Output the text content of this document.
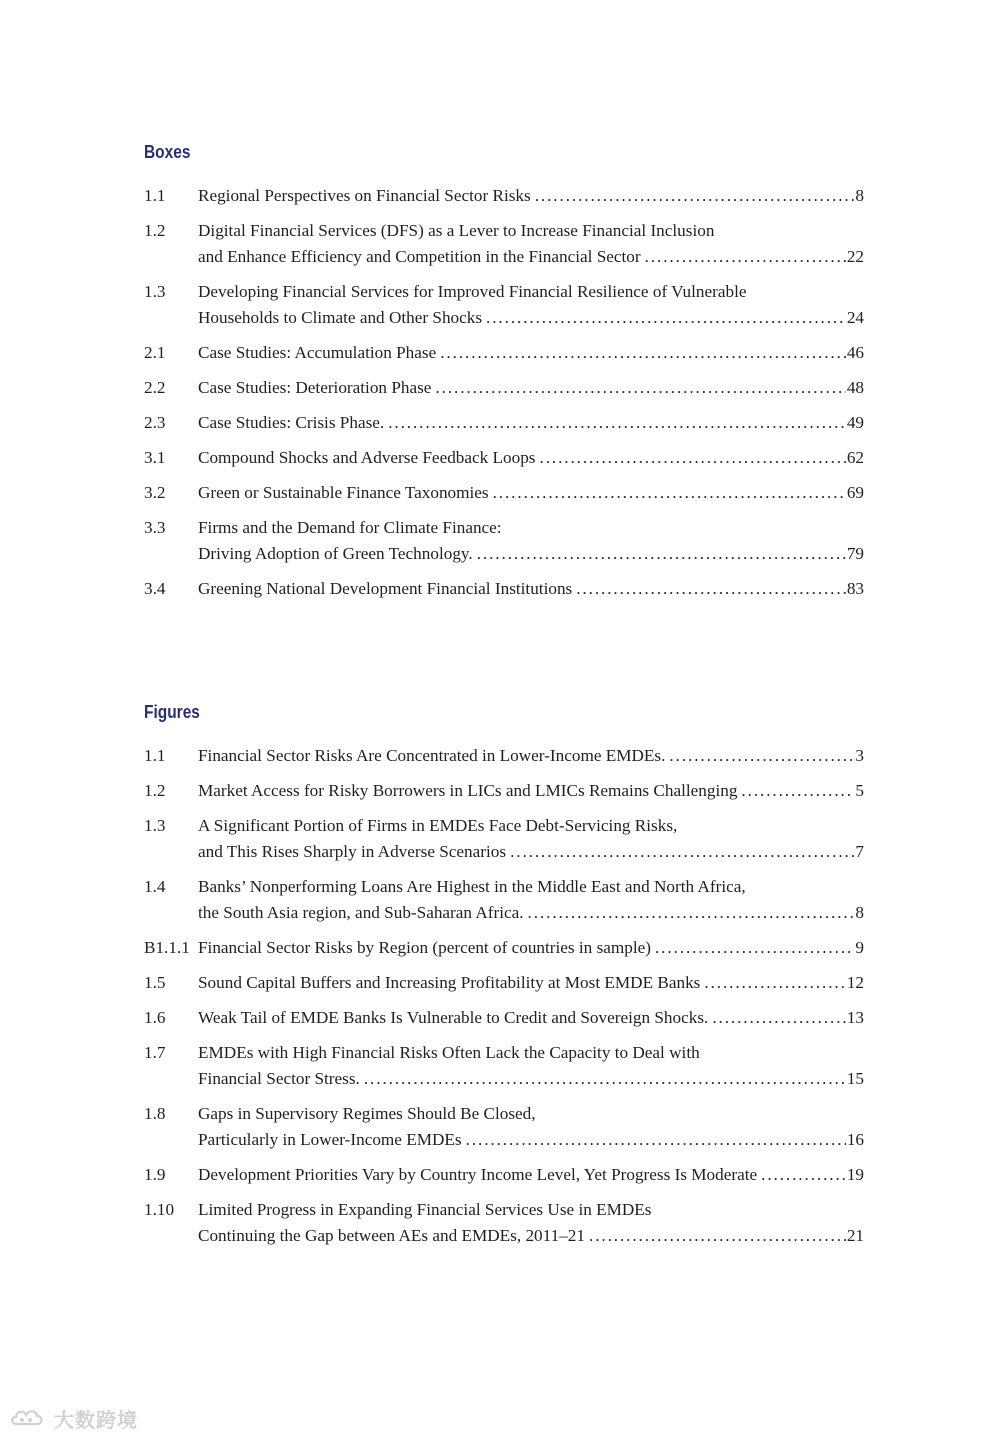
Boxes
1.1	Regional Perspectives on Financial Sector Risks . . .	8
1.2	Digital Financial Services (DFS) as a Lever to Increase Financial Inclusion
and Enhance Efficiency and Competition in the Financial Sector . . .	22
1.3	Developing Financial Services for Improved Financial Resilience of Vulnerable
Households to Climate and Other Shocks . . .	24
2.1	Case Studies: Accumulation Phase . . .	46
2.2	Case Studies: Deterioration Phase . . .	48
2.3	Case Studies: Crisis Phase. . . .	49
3.1	Compound Shocks and Adverse Feedback Loops . . .	62
3.2	Green or Sustainable Finance Taxonomies . . .	69
3.3	Firms and the Demand for Climate Finance:
Driving Adoption of Green Technology. . . .	79
3.4	Greening National Development Financial Institutions . . .	83
Figures
1.1	Financial Sector Risks Are Concentrated in Lower-Income EMDEs. . . .	3
1.2	Market Access for Risky Borrowers in LICs and LMICs Remains Challenging . . .	5
1.3	A Significant Portion of Firms in EMDEs Face Debt-Servicing Risks,
and This Rises Sharply in Adverse Scenarios . . .	7
1.4	Banks’ Nonperforming Loans Are Highest in the Middle East and North Africa,
the South Asia region, and Sub-Saharan Africa. . . .	8
B1.1.1 Financial Sector Risks by Region (percent of countries in sample) . . .	9
1.5	Sound Capital Buffers and Increasing Profitability at Most EMDE Banks . . .	12
1.6	Weak Tail of EMDE Banks Is Vulnerable to Credit and Sovereign Shocks. . . .	13
1.7	EMDEs with High Financial Risks Often Lack the Capacity to Deal with
Financial Sector Stress. . . .	15
1.8	Gaps in Supervisory Regimes Should Be Closed,
Particularly in Lower-Income EMDEs . . .	16
1.9	Development Priorities Vary by Country Income Level, Yet Progress Is Moderate . . .	19
1.10	Limited Progress in Expanding Financial Services Use in EMDEs
Continuing the Gap between AEs and EMDEs, 2011–21 . . .	21
大数跨境
